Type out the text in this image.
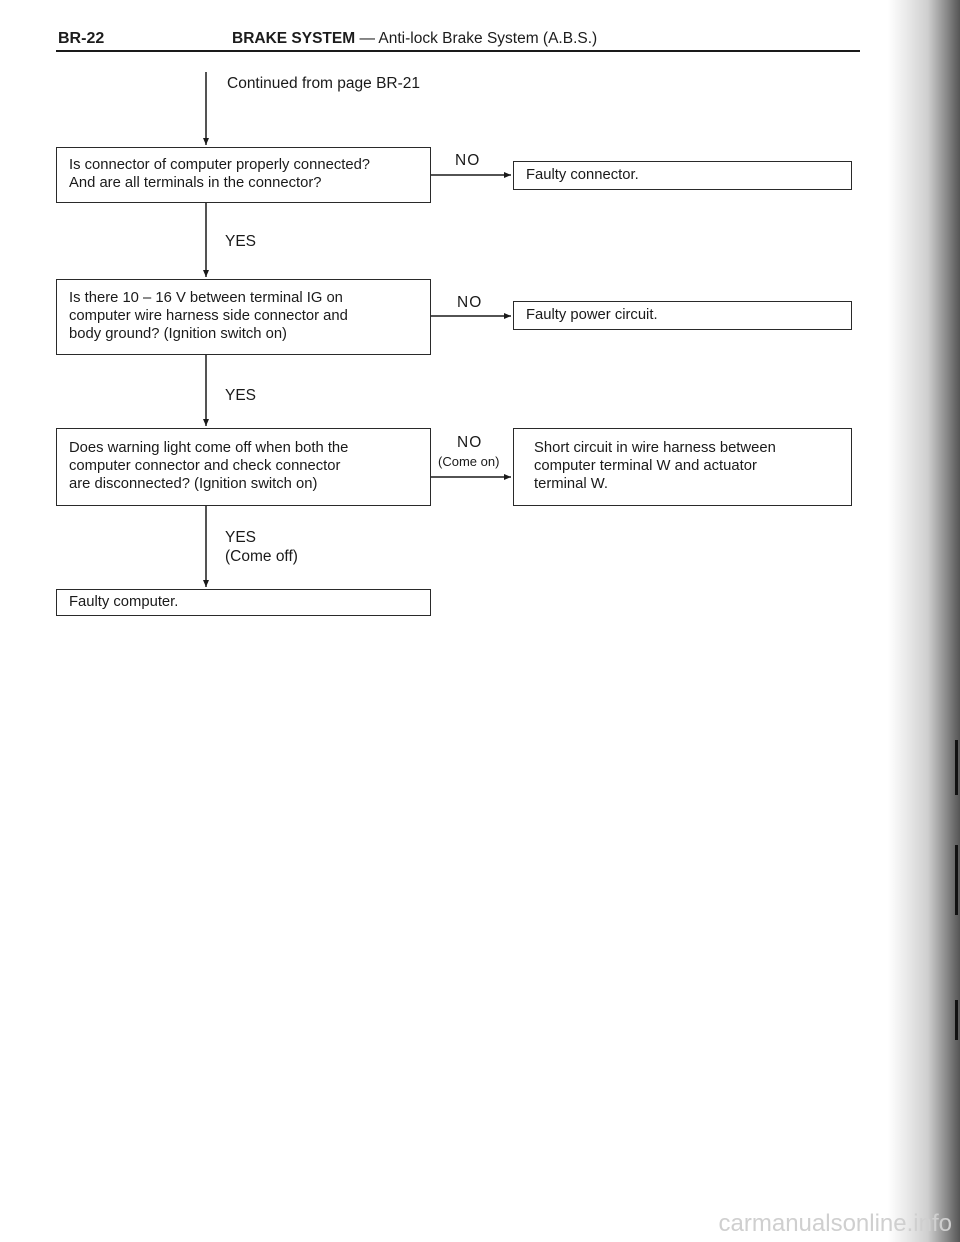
BR-22	BRAKE SYSTEM — Anti-lock Brake System (A.B.S.)
Continued from page BR-21
Is connector of computer properly connected?
And are all terminals in the connector?
NO
Faulty connector.
YES
Is there 10 – 16 V between terminal IG on
computer wire harness side connector and
body ground? (Ignition switch on)
NO
Faulty power circuit.
YES
Does warning light come off when both the
computer connector and check connector
are disconnected? (Ignition switch on)
NO
(Come on)
Short circuit in wire harness between
computer terminal W and actuator
terminal W.
YES
(Come off)
Faulty computer.
carmanualsonline.info
